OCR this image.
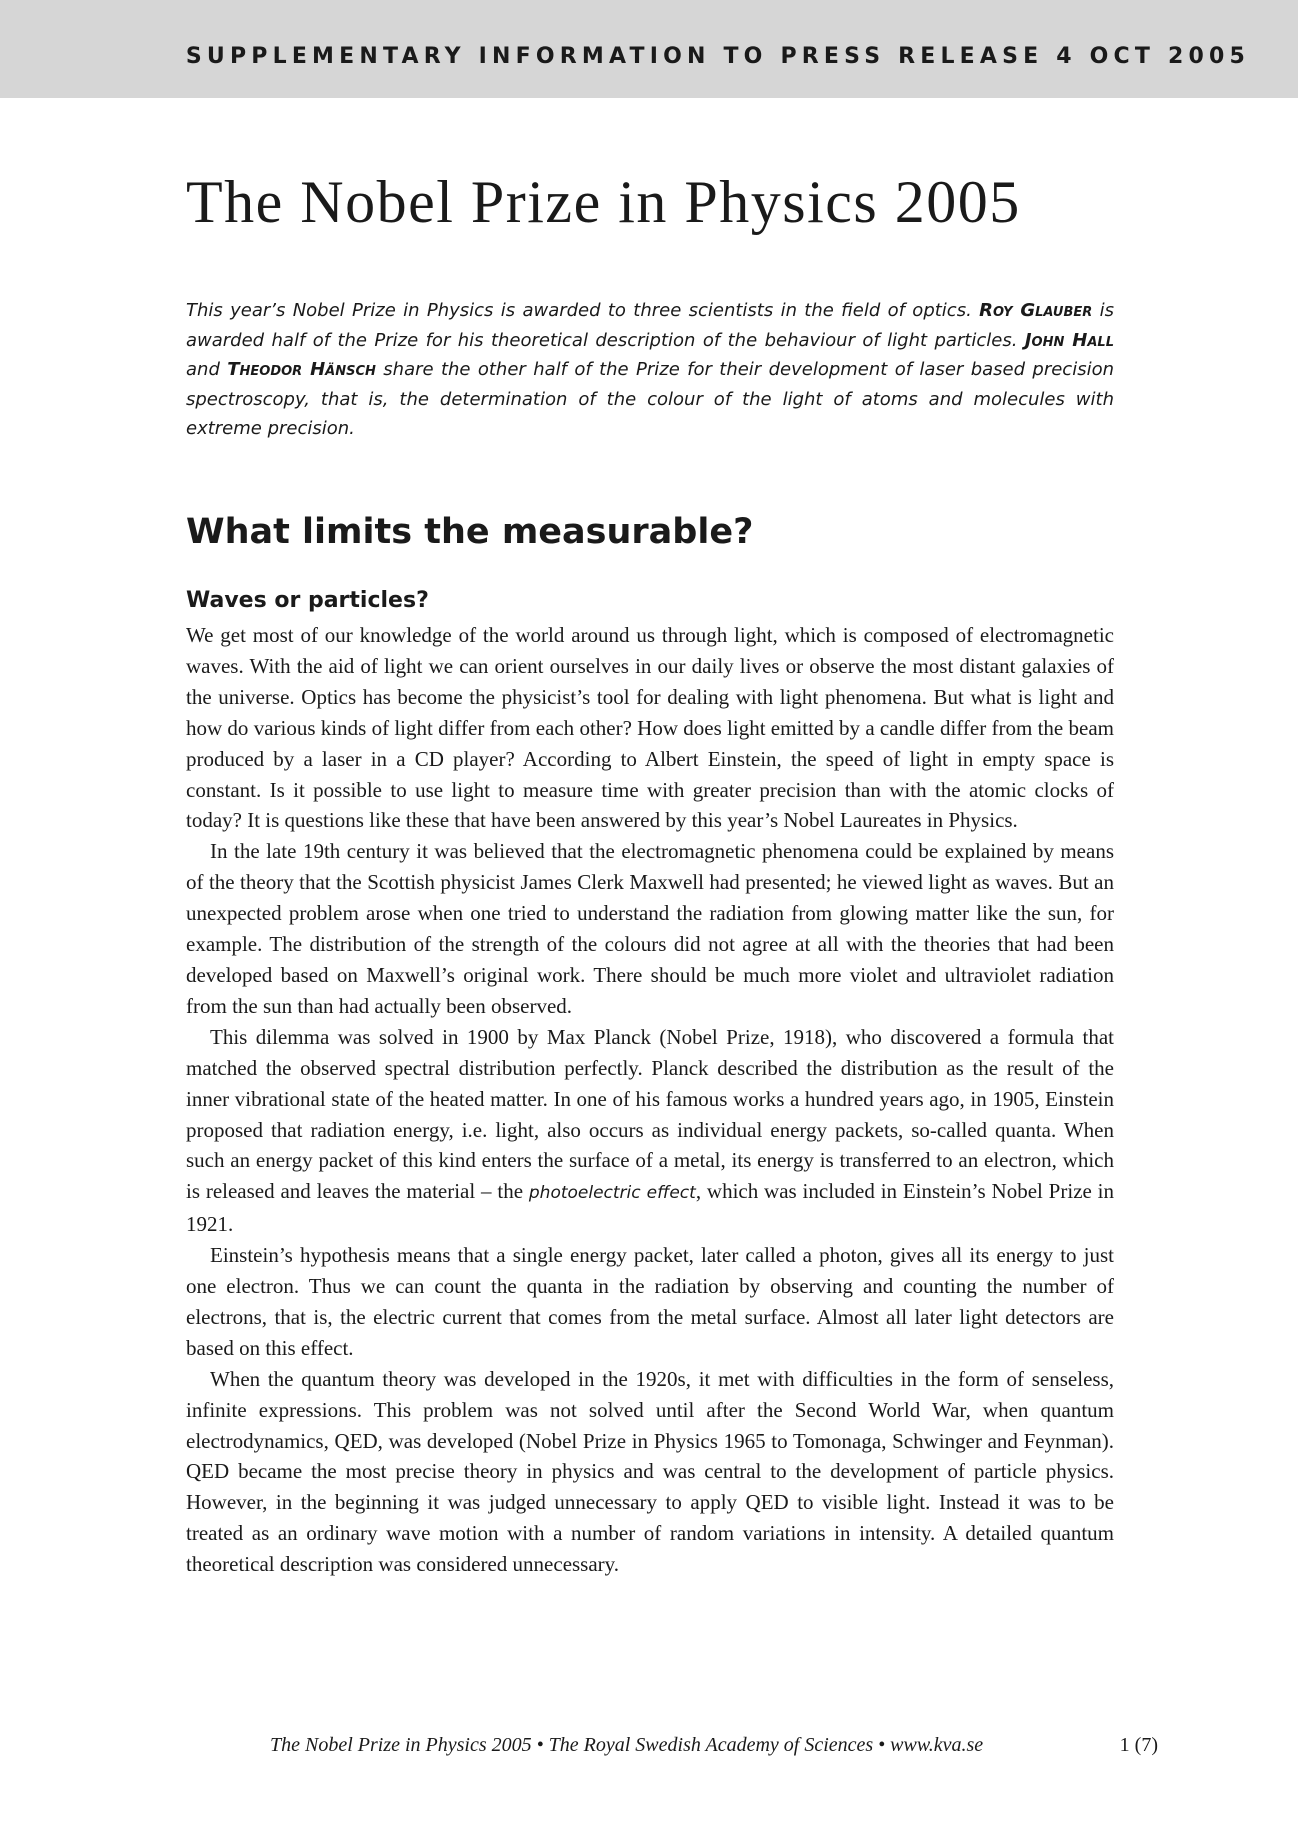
SUPPLEMENTARY INFORMATION TO PRESS RELEASE 4 OCT 2005
The Nobel Prize in Physics 2005

This year’s Nobel Prize in Physics is awarded to three scientists in the field of optics. Roy Glauber is awarded half of the Prize for his theoretical description of the behaviour of light particles. John Hall and Theodor Hänsch share the other half of the Prize for their development of laser based precision spectroscopy, that is, the determination of the colour of the light of atoms and molecules with extreme precision.

What limits the measurable?
Waves or particles?

We get most of our knowledge of the world around us through light, which is composed of electromagnetic waves. With the aid of light we can orient ourselves in our daily lives or observe the most distant galaxies of the universe. Optics has become the physicist’s tool for dealing with light phenomena. But what is light and how do various kinds of light differ from each other? How does light emitted by a candle differ from the beam produced by a laser in a CD player? According to Albert Einstein, the speed of light in empty space is constant. Is it possible to use light to measure time with greater precision than with the atomic clocks of today? It is questions like these that have been answered by this year’s Nobel Laureates in Physics.

In the late 19th century it was believed that the electromagnetic phenomena could be explained by means of the theory that the Scottish physicist James Clerk Maxwell had presented; he viewed light as waves. But an unexpected problem arose when one tried to understand the radiation from glowing matter like the sun, for example. The distribution of the strength of the colours did not agree at all with the theories that had been developed based on Maxwell’s original work. There should be much more violet and ultraviolet radiation from the sun than had actually been observed.

This dilemma was solved in 1900 by Max Planck (Nobel Prize, 1918), who discovered a formula that matched the observed spectral distribution perfectly. Planck described the distribution as the result of the inner vibrational state of the heated matter. In one of his famous works a hundred years ago, in 1905, Einstein proposed that radiation energy, i.e. light, also occurs as individual energy packets, so-called quanta. When such an energy packet of this kind enters the surface of a metal, its energy is transferred to an electron, which is released and leaves the material – the photoelectric effect, which was included in Einstein’s Nobel Prize in 1921.

Einstein’s hypothesis means that a single energy packet, later called a photon, gives all its energy to just one electron. Thus we can count the quanta in the radiation by observing and counting the number of electrons, that is, the electric current that comes from the metal surface. Almost all later light detectors are based on this effect.

When the quantum theory was developed in the 1920s, it met with difficulties in the form of senseless, infinite expressions. This problem was not solved until after the Second World War, when quantum electrodynamics, QED, was developed (Nobel Prize in Physics 1965 to Tomonaga, Schwinger and Feynman). QED became the most precise theory in physics and was central to the development of particle physics. However, in the beginning it was judged unnecessary to apply QED to visible light. Instead it was to be treated as an ordinary wave motion with a number of random variations in intensity. A detailed quantum theoretical description was considered unnecessary.

The Nobel Prize in Physics 2005 • The Royal Swedish Academy of Sciences • www.kva.se	1 (7)
